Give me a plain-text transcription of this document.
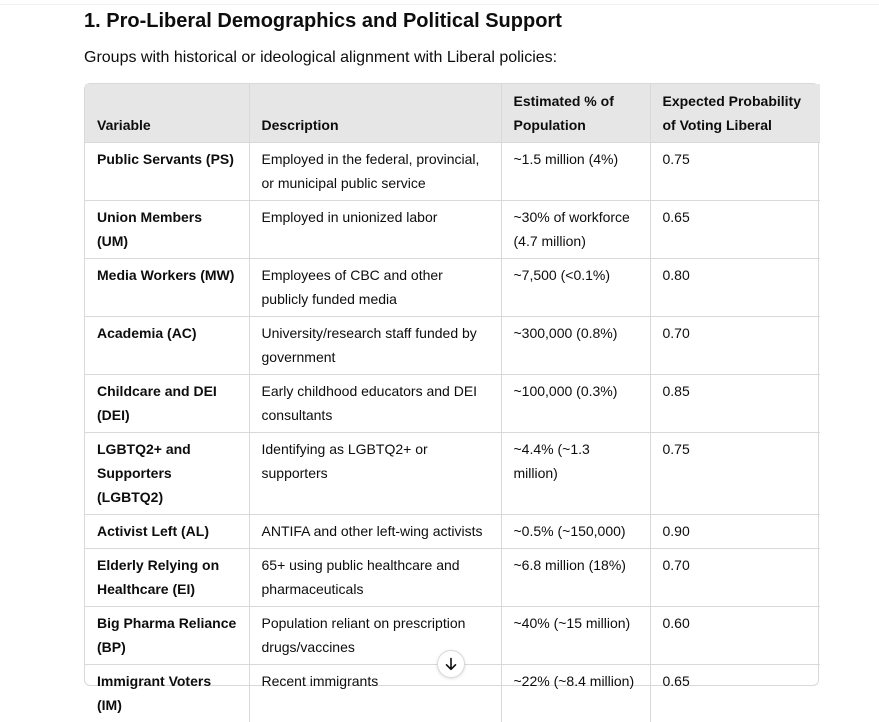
1. Pro-Liberal Demographics and Political Support

Groups with historical or ideological alignment with Liberal policies:

Variable	Description	Estimated % of Population	Expected Probability of Voting Liberal
Public Servants (PS)	Employed in the federal, provincial, or municipal public service	~1.5 million (4%)	0.75
Union Members (UM)	Employed in unionized labor	~30% of workforce (4.7 million)	0.65
Media Workers (MW)	Employees of CBC and other publicly funded media	~7,500 (<0.1%)	0.80
Academia (AC)	University/research staff funded by government	~300,000 (0.8%)	0.70
Childcare and DEI (DEI)	Early childhood educators and DEI consultants	~100,000 (0.3%)	0.85
LGBTQ2+ and Supporters (LGBTQ2)	Identifying as LGBTQ2+ or supporters	~4.4% (~1.3 million)	0.75
Activist Left (AL)	ANTIFA and other left-wing activists	~0.5% (~150,000)	0.90
Elderly Relying on Healthcare (EI)	65+ using public healthcare and pharmaceuticals	~6.8 million (18%)	0.70
Big Pharma Reliance (BP)	Population reliant on prescription drugs/vaccines	~40% (~15 million)	0.60
Immigrant Voters (IM)	Recent immigrants	~22% (~8.4 million)	0.65
